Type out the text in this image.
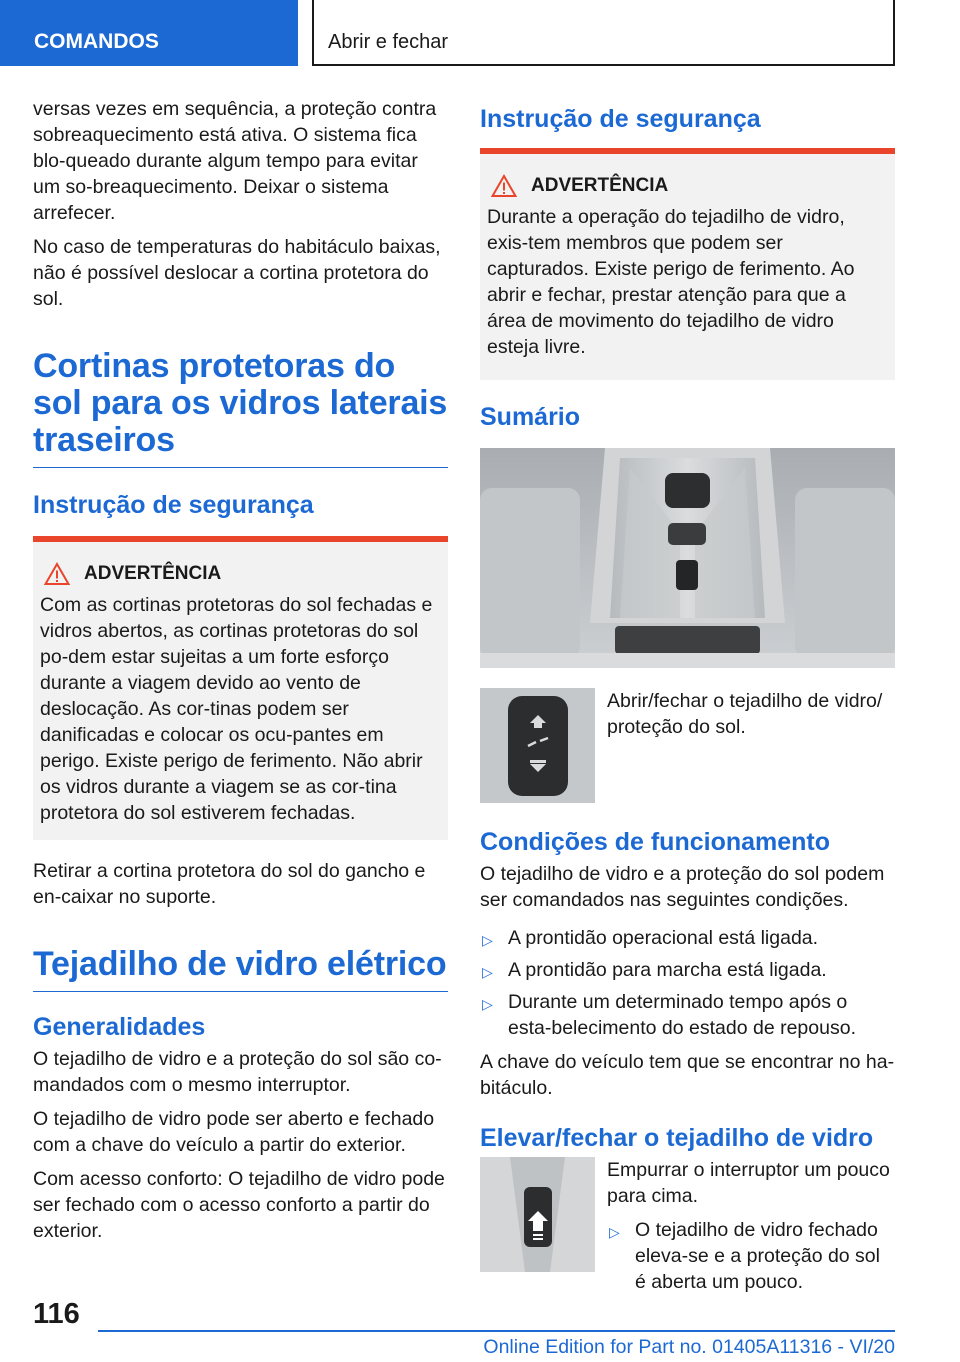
COMANDOS	Abrir e fechar

versas vezes em sequência, a proteção contra sobreaquecimento está ativa. O sistema fica blo-queado durante algum tempo para evitar um so-breaquecimento. Deixar o sistema arrefecer.

No caso de temperaturas do habitáculo baixas, não é possível deslocar a cortina protetora do sol.

Cortinas protetoras do sol para os vidros laterais traseiros
Instrução de segurança
ADVERTÊNCIA

Com as cortinas protetoras do sol fechadas e vidros abertos, as cortinas protetoras do sol po-dem estar sujeitas a um forte esforço durante a viagem devido ao vento de deslocação. As cor-tinas podem ser danificadas e colocar os ocu-pantes em perigo. Existe perigo de ferimento. Não abrir os vidros durante a viagem se as cor-tina protetora do sol estiverem fechadas.

Retirar a cortina protetora do sol do gancho e en-caixar no suporte.

Tejadilho de vidro elétrico
Generalidades

O tejadilho de vidro e a proteção do sol são co-mandados com o mesmo interruptor.

O tejadilho de vidro pode ser aberto e fechado com a chave do veículo a partir do exterior.

Com acesso conforto: O tejadilho de vidro pode ser fechado com o acesso conforto a partir do exterior.

Instrução de segurança
ADVERTÊNCIA

Durante a operação do tejadilho de vidro, exis-tem membros que podem ser capturados. Existe perigo de ferimento. Ao abrir e fechar, prestar atenção para que a área de movimento do tejadilho de vidro esteja livre.

Sumário
Abrir/fechar o tejadilho de vidro/ proteção do sol.
Condições de funcionamento

O tejadilho de vidro e a proteção do sol podem ser comandados nas seguintes condições.

▷ A prontidão operacional está ligada.
▷ A prontidão para marcha está ligada.
▷ Durante um determinado tempo após o esta-belecimento do estado de repouso.

A chave do veículo tem que se encontrar no ha-bitáculo.

Elevar/fechar o tejadilho de vidro
Empurrar o interruptor um pouco para cima.
▷ O tejadilho de vidro fechado eleva-se e a proteção do sol é aberta um pouco.
116
Online Edition for Part no. 01405A11316 - VI/20
